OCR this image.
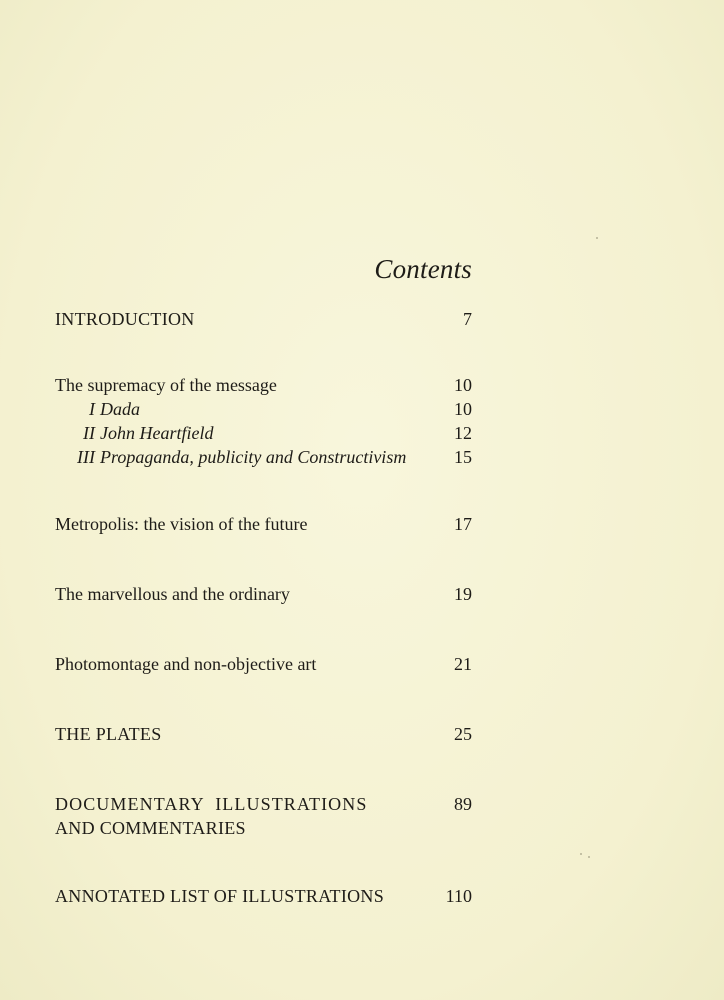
Contents
INTRODUCTION	7
The supremacy of the message	10
I Dada	10
II John Heartfield	12
III Propaganda, publicity and Constructivism	15
Metropolis: the vision of the future	17
The marvellous and the ordinary	19
Photomontage and non-objective art	21
THE PLATES	25
DOCUMENTARY  ILLUSTRATIONS	89
AND COMMENTARIES
ANNOTATED LIST OF ILLUSTRATIONS	110
